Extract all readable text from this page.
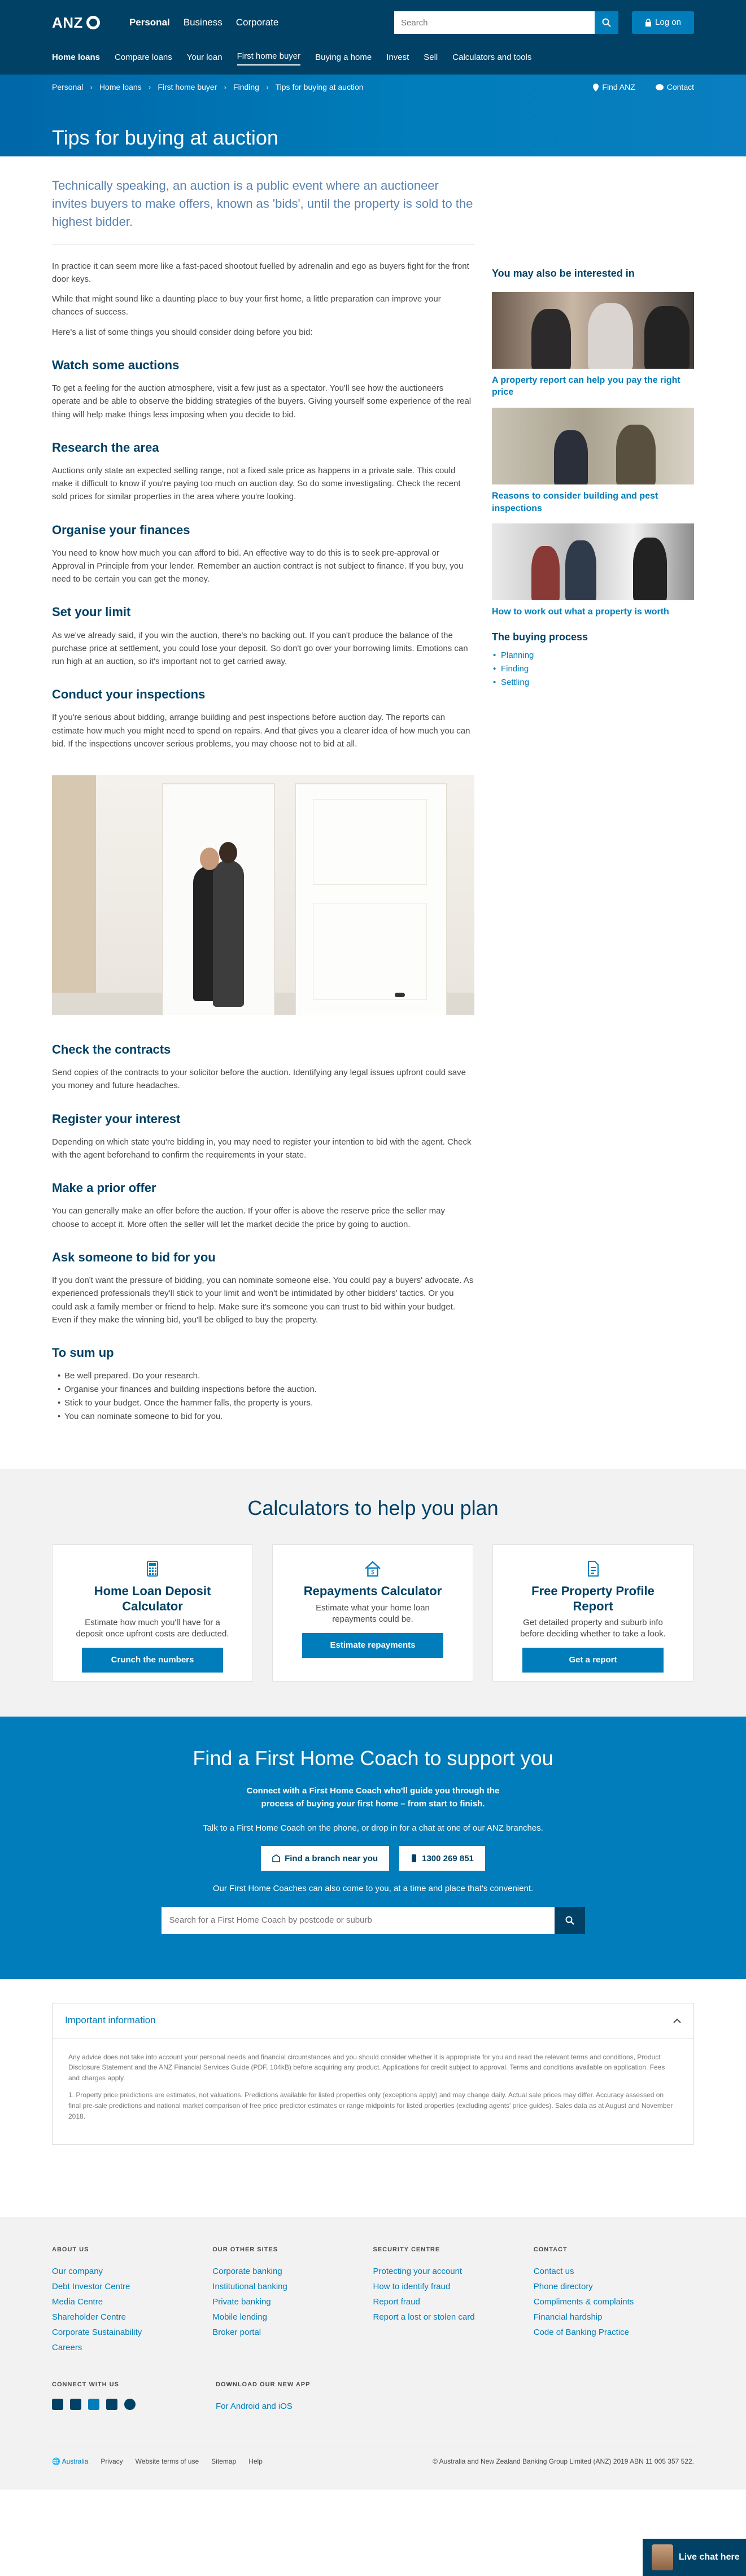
ANZ	Personal Business Corporate
Search	Log on
Home loans Compare loans Your loan First home buyer Buying a home Invest Sell Calculators and tools
Personal › Home loans › First home buyer › Finding › Tips for buying at auction	Find ANZ	Contact
Tips for buying at auction
Technically speaking, an auction is a public event where an auctioneer invites buyers to make offers, known as 'bids', until the property is sold to the highest bidder.

In practice it can seem more like a fast-paced shootout fuelled by adrenalin and ego as buyers fight for the front door keys.

While that might sound like a daunting place to buy your first home, a little preparation can improve your chances of success.

Here's a list of some things you should consider doing before you bid:

Watch some auctions

To get a feeling for the auction atmosphere, visit a few just as a spectator. You'll see how the auctioneers operate and be able to observe the bidding strategies of the buyers. Giving yourself some experience of the real thing will help make things less imposing when you decide to bid.

Research the area

Auctions only state an expected selling range, not a fixed sale price as happens in a private sale. This could make it difficult to know if you're paying too much on auction day. So do some investigating. Check the recent sold prices for similar properties in the area where you're looking.

Organise your finances

You need to know how much you can afford to bid. An effective way to do this is to seek pre-approval or Approval in Principle from your lender. Remember an auction contract is not subject to finance. If you buy, you need to be certain you can get the money.

Set your limit

As we've already said, if you win the auction, there's no backing out. If you can't produce the balance of the purchase price at settlement, you could lose your deposit. So don't go over your borrowing limits. Emotions can run high at an auction, so it's important not to get carried away.

Conduct your inspections

If you're serious about bidding, arrange building and pest inspections before auction day. The reports can estimate how much you might need to spend on repairs. And that gives you a clearer idea of how much you can bid. If the inspections uncover serious problems, you may choose not to bid at all.

Check the contracts

Send copies of the contracts to your solicitor before the auction. Identifying any legal issues upfront could save you money and future headaches.

Register your interest

Depending on which state you're bidding in, you may need to register your intention to bid with the agent. Check with the agent beforehand to confirm the requirements in your state.

Make a prior offer

You can generally make an offer before the auction. If your offer is above the reserve price the seller may choose to accept it. More often the seller will let the market decide the price by going to auction.

Ask someone to bid for you

If you don't want the pressure of bidding, you can nominate someone else. You could pay a buyers' advocate. As experienced professionals they'll stick to your limit and won't be intimidated by other bidders' tactics. Or you could ask a family member or friend to help. Make sure it's someone you can trust to bid within your budget. Even if they make the winning bid, you'll be obliged to buy the property.

To sum up
• Be well prepared. Do your research.
• Organise your finances and building inspections before the auction.
• Stick to your budget. Once the hammer falls, the property is yours.
• You can nominate someone to bid for you.
You may also be interested in
A property report can help you pay the right price
Reasons to consider building and pest inspections
How to work out what a property is worth
The buying process
• Planning
• Finding
• Settling
Calculators to help you plan
Home Loan Deposit Calculator

Estimate how much you'll have for a deposit once upfront costs are deducted.

Crunch the numbers
$
Repayments Calculator

Estimate what your home loan repayments could be.

Estimate repayments
Free Property Profile Report

Get detailed property and suburb info before deciding whether to take a look.

Get a report
Find a First Home Coach to support you

Connect with a First Home Coach who'll guide you through the process of buying your first home – from start to finish.

Talk to a First Home Coach on the phone, or drop in for a chat at one of our ANZ branches.

Find a branch near you	1300 269 851

Our First Home Coaches can also come to you, at a time and place that's convenient.

Search for a First Home Coach by postcode or suburb
Important information

Any advice does not take into account your personal needs and financial circumstances and you should consider whether it is appropriate for you and read the relevant terms and conditions, Product Disclosure Statement and the ANZ Financial Services Guide (PDF, 104kB) before acquiring any product. Applications for credit subject to approval. Terms and conditions available on application. Fees and charges apply.

1. Property price predictions are estimates, not valuations. Predictions available for listed properties only (exceptions apply) and may change daily. Actual sale prices may differ. Accuracy assessed on final pre-sale predictions and national market comparison of free price predictor estimates or range midpoints for listed properties (excluding agents' price guides). Sales data as at August and November 2018.

ABOUT US
Our company
Debt Investor Centre
Media Centre
Shareholder Centre
Corporate Sustainability
Careers
OUR OTHER SITES
Corporate banking
Institutional banking
Private banking
Mobile lending
Broker portal
SECURITY CENTRE
Protecting your account
How to identify fraud
Report fraud
Report a lost or stolen card
CONTACT
Contact us
Phone directory
Compliments & complaints
Financial hardship
Code of Banking Practice
CONNECT WITH US	DOWNLOAD OUR NEW APP
For Android and iOS
🌐 Australia Privacy Website terms of use Sitemap Help	© Australia and New Zealand Banking Group Limited (ANZ) 2019 ABN 11 005 357 522.
Live chat here
